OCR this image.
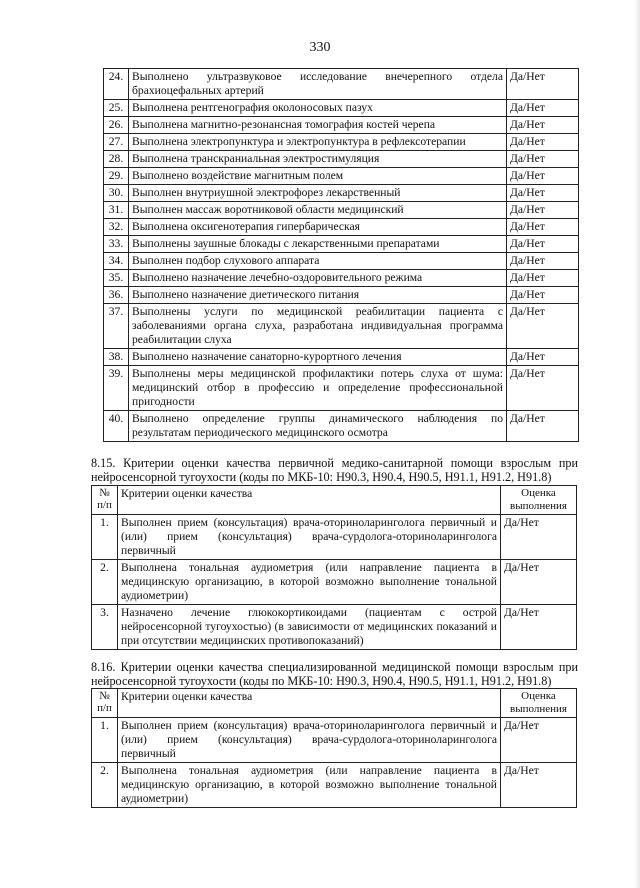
330
24.	Выполнено ультразвуковое исследование внечерепного отдела брахиоцефальных артерий	Да/Нет
25.	Выполнена рентгенография околоносовых пазух	Да/Нет
26.	Выполнена магнитно-резонансная томография костей черепа	Да/Нет
27.	Выполнена электропунктура и электропунктура в рефлексотерапии	Да/Нет
28.	Выполнена транскраниальная электростимуляция	Да/Нет
29.	Выполнено воздействие магнитным полем	Да/Нет
30.	Выполнен внутриушной электрофорез лекарственный	Да/Нет
31.	Выполнен массаж воротниковой области медицинский	Да/Нет
32.	Выполнена оксигенотерапия гипербарическая	Да/Нет
33.	Выполнены заушные блокады с лекарственными препаратами	Да/Нет
34.	Выполнен подбор слухового аппарата	Да/Нет
35.	Выполнено назначение лечебно-оздоровительного режима	Да/Нет
36.	Выполнено назначение диетического питания	Да/Нет
37.	Выполнены услуги по медицинской реабилитации пациента с заболеваниями органа слуха, разработана индивидуальная программа реабилитации слуха	Да/Нет
38.	Выполнено назначение санаторно-курортного лечения	Да/Нет
39.	Выполнены меры медицинской профилактики потерь слуха от шума: медицинский отбор в профессию и определение профессиональной пригодности	Да/Нет
40.	Выполнено определение группы динамического наблюдения по результатам периодического медицинского осмотра	Да/Нет
8.15. Критерии оценки качества первичной медико-санитарной помощи взрослым при нейросенсорной тугоухости (коды по МКБ-10: H90.3, H90.4, H90.5, H91.1, H91.2, H91.8)
№ п/п	Критерии оценки качества	Оценка выполнения
1.	Выполнен прием (консультация) врача-оториноларинголога первичный и (или) прием (консультация) врача-сурдолога-оториноларинголога первичный	Да/Нет
2.	Выполнена тональная аудиометрия (или направление пациента в медицинскую организацию, в которой возможно выполнение тональной аудиометрии)	Да/Нет
3.	Назначено лечение глюкокортикоидами (пациентам с острой нейросенсорной тугоухостью) (в зависимости от медицинских показаний и при отсутствии медицинских противопоказаний)	Да/Нет
8.16. Критерии оценки качества специализированной медицинской помощи взрослым при нейросенсорной тугоухости (коды по МКБ-10: H90.3, H90.4, H90.5, H91.1, H91.2, H91.8)
№ п/п	Критерии оценки качества	Оценка выполнения
1.	Выполнен прием (консультация) врача-оториноларинголога первичный и (или) прием (консультация) врача-сурдолога-оториноларинголога первичный	Да/Нет
2.	Выполнена тональная аудиометрия (или направление пациента в медицинскую организацию, в которой возможно выполнение тональной аудиометрии)	Да/Нет
